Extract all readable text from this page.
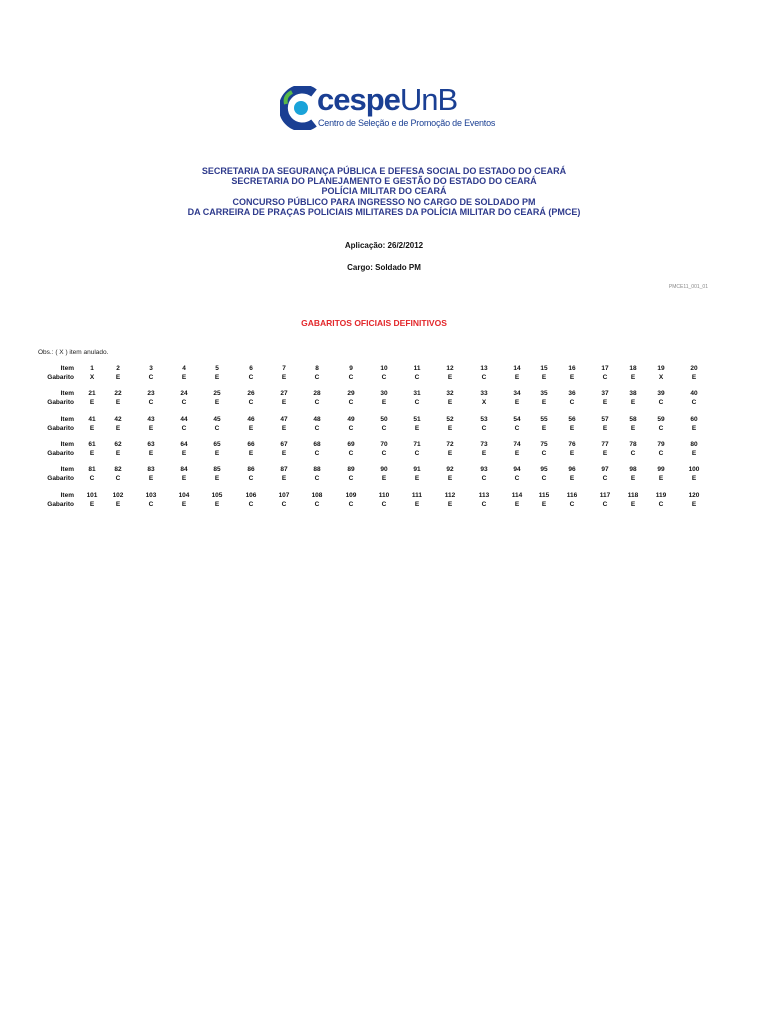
cespeUnB
Centro de Seleção e de Promoção de Eventos
SECRETARIA DA SEGURANÇA PÚBLICA E DEFESA SOCIAL DO ESTADO DO CEARÁ
SECRETARIA DO PLANEJAMENTO E GESTÃO DO ESTADO DO CEARÁ
POLÍCIA MILITAR DO CEARÁ
CONCURSO PÚBLICO PARA INGRESSO NO CARGO DE SOLDADO PM
DA CARREIRA DE PRAÇAS POLICIAIS MILITARES DA POLÍCIA MILITAR DO CEARÁ (PMCE)
Aplicação: 26/2/2012
Cargo: Soldado PM
PMCE11_001_01
GABARITOS OFICIAIS DEFINITIVOS
Obs.: ( X ) item anulado.
Item
Gabarito
1
X
2
E
3
C
4
E
5
E
6
C
7
E
8
C
9
C
10
C
11
C
12
E
13
C
14
E
15
E
16
E
17
C
18
E
19
X
20
E
Item
Gabarito
21
E
22
E
23
C
24
C
25
E
26
C
27
E
28
C
29
C
30
E
31
C
32
E
33
X
34
E
35
E
36
C
37
E
38
E
39
C
40
C
Item
Gabarito
41
E
42
E
43
E
44
C
45
C
46
E
47
E
48
C
49
C
50
C
51
E
52
E
53
C
54
C
55
E
56
E
57
E
58
E
59
C
60
E
Item
Gabarito
61
E
62
E
63
E
64
E
65
E
66
E
67
E
68
C
69
C
70
C
71
C
72
E
73
E
74
E
75
C
76
E
77
E
78
C
79
C
80
E
Item
Gabarito
81
C
82
C
83
E
84
E
85
E
86
C
87
E
88
C
89
C
90
E
91
E
92
E
93
C
94
C
95
C
96
E
97
C
98
E
99
E
100
E
Item
Gabarito
101
E
102
E
103
C
104
E
105
E
106
C
107
C
108
C
109
C
110
C
111
E
112
E
113
C
114
E
115
E
116
C
117
C
118
E
119
C
120
E
